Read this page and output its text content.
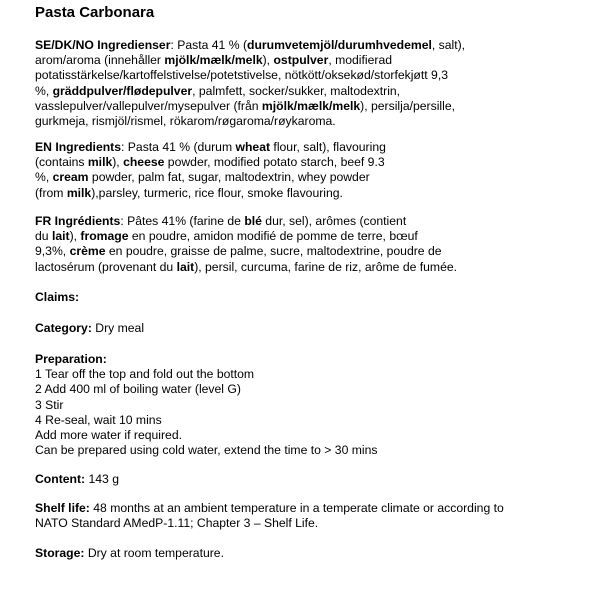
Pasta Carbonara
SE/DK/NO Ingredienser: Pasta 41 % (durumvetemjöl/durumhvedemel, salt),
arom/aroma (innehåller mjölk/mælk/melk), ostpulver, modifierad
potatisstärkelse/kartoffelstivelse/potetstivelse, nötkött/oksekød/storfekjøtt 9,3
%, gräddpulver/flødepulver, palmfett, socker/sukker, maltodextrin,
vasslepulver/vallepulver/mysepulver (från mjölk/mælk/melk), persilja/persille,
gurkmeja, rismjöl/rismel, rökarom/røgaroma/røykaroma.
EN Ingredients: Pasta 41 % (durum wheat flour, salt), flavouring
(contains milk), cheese powder, modified potato starch, beef 9.3
%, cream powder, palm fat, sugar, maltodextrin, whey powder
(from milk),parsley, turmeric, rice flour, smoke flavouring.
FR Ingrédients: Pâtes 41% (farine de blé dur, sel), arômes (contient
du lait), fromage en poudre, amidon modifié de pomme de terre, bœuf
9,3%, crème en poudre, graisse de palme, sucre, maltodextrine, poudre de
lactosérum (provenant du lait), persil, curcuma, farine de riz, arôme de fumée.
Claims:
Category: Dry meal
Preparation:
1 Tear off the top and fold out the bottom
2 Add 400 ml of boiling water (level G)
3 Stir
4 Re-seal, wait 10 mins
Add more water if required.
Can be prepared using cold water, extend the time to > 30 mins
Content: 143 g
Shelf life: 48 months at an ambient temperature in a temperate climate or according to
NATO Standard AMedP-1.11; Chapter 3 – Shelf Life.
Storage: Dry at room temperature.
